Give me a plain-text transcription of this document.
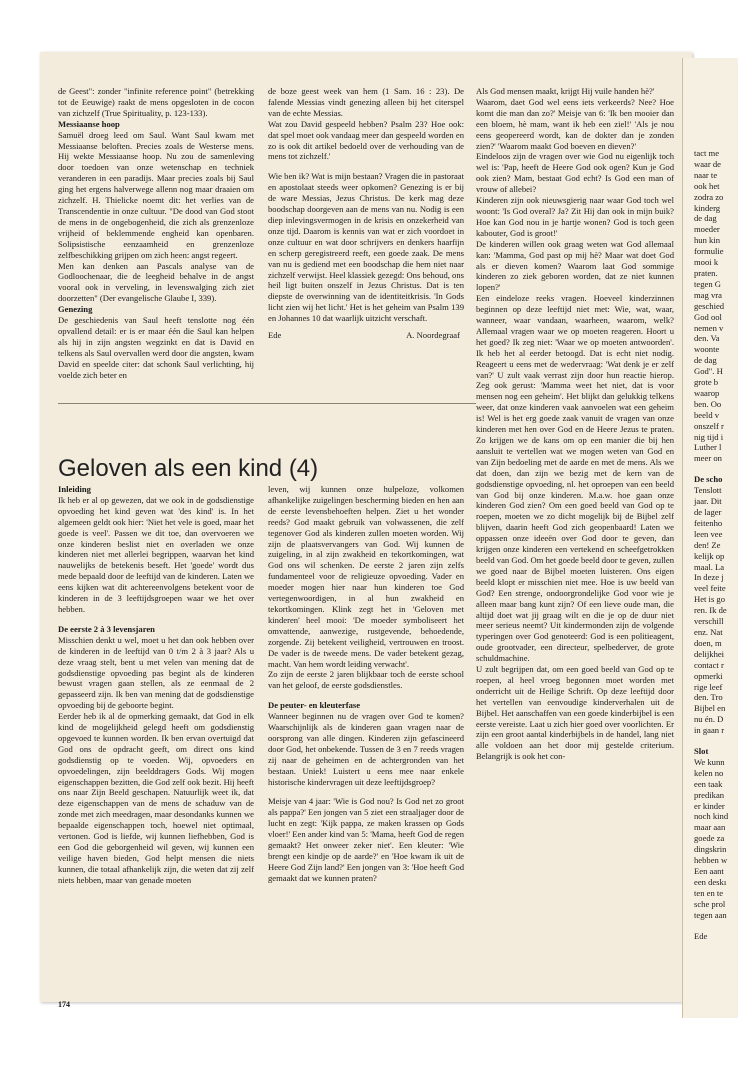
tact me
waar de
naar te
ook het
zodra zo
kinderg
de dag
moeder
hun kin
formulie
mooi k
praten.
tegen G
mag vra
geschied
God ool
nemen v
den. Va
woonte
de dag
God". H
grote b
waarop
ben. Oo
beeld v
onszelf r
nig tijd i
Luther l
meer on
De scho
Tenslott
jaar. Dit
de lager
feitenho
leen vee
den! Ze
kelijk op
maal. La
In deze j
veel feite
Het is go
ren. Ik de
verschill
enz. Nat
doen, m
delijkhei
contact r
opmerki
rige leef
den. Tro
Bijbel en
nu én. D
in gaan r
Slot
We kunn
kelen no
een taak
predikan
er kinder
noch kind
maar aan
goede za
dingskrin
hebben w
Een aant
een deskı
ten en te
sche prol
tegen aan
Ede

de Geest": zonder "infinite reference point" (betrekking tot de Eeuwige) raakt de mens opgesloten in de cocon van zichzelf (True Spirituality, p. 123-133).

Messiaanse hoop

Samuël droeg leed om Saul. Want Saul kwam met Messiaanse beloften. Precies zoals de Westerse mens. Hij wekte Messiaanse hoop. Nu zou de samenleving door toedoen van onze wetenschap en techniek veranderen in een paradijs. Maar precies zoals bij Saul ging het ergens halverwege allenn nog maar draaien om zichzelf. H. Thielicke noemt dit: het verlies van de Transcendentie in onze cultuur. "De dood van God stoot de mens in de ongebogenheid, die zich als grenzenloze vrijheid of beklemmende engheid kan openbaren. Solipsistische eenzaamheid en grenzenloze zelfbeschikking grijpen om zich heen: angst regeert.

Men kan denken aan Pascals analyse van de Godloochenaar, die de leegheid behalve in de angst vooral ook in verveling, in levenswalging zich ziet doorzetten" (Der evangelische Glaube I, 339).

Genezing

De geschiedenis van Saul heeft tenslotte nog één opvallend detail: er is er maar één die Saul kan helpen als hij in zijn angsten wegzinkt en dat is David en telkens als Saul overvallen werd door die angsten, kwam David en speelde citer: dat schonk Saul verlichting, hij voelde zich beter en

de boze geest week van hem (1 Sam. 16 : 23). De falende Messias vindt genezing alleen bij het citerspel van de echte Messias.

Wat zou David gespeeld hebben? Psalm 23? Hoe ook: dat spel moet ook vandaag meer dan gespeeld worden en zo is ook dit artikel bedoeld over de verhouding van de mens tot zichzelf.'

Wie ben ik? Wat is mijn bestaan? Vragen die in pastoraat en apostolaat steeds weer opkomen? Genezing is er bij de ware Messias, Jezus Christus. De kerk mag deze boodschap doorgeven aan de mens van nu. Nodig is een diep inlevingsvermogen in de krisis en onzekerheid van onze tijd. Daarom is kennis van wat er zich voordoet in onze cultuur en wat door schrijvers en denkers haarfijn en scherp geregistreerd reeft, een goede zaak. De mens van nu is gediend met een boodschap die hem niet naar zichzelf verwijst. Heel klassiek gezegd: Ons behoud, ons heil ligt buiten onszelf in Jezus Christus. Dat is ten diepste de overwinning van de identiteitkrisis. 'In Gods licht zien wij het licht.' Het is het geheim van Psalm 139 en Johannes 10 dat waarlijk uitzicht verschaft.

Ede	A. Noordegraaf
Geloven als een kind (4)
Inleiding

Ik heb er al op gewezen, dat we ook in de godsdienstige opvoeding het kind geven wat 'des kind' is. In het algemeen geldt ook hier: 'Niet het vele is goed, maar het goede is veel'. Passen we dit toe, dan overvoeren we onze kinderen beslist niet en overladen we onze kinderen niet met allerlei begrippen, waarvan het kind nauwelijks de betekenis beseft. Het 'goede' wordt dus mede bepaald door de leeftijd van de kinderen. Laten we eens kijken wat dit achtereenvolgens betekent voor de kinderen in de 3 leeftijdsgroepen waar we het over hebben.

De eerste 2 à 3 levensjaren

Misschien denkt u wel, moet u het dan ook hebben over de kinderen in de leeftijd van 0 t/m 2 à 3 jaar? Als u deze vraag stelt, bent u met velen van mening dat de godsdienstige opvoeding pas begint als de kinderen bewust vragen gaan stellen, als ze eenmaal de 2 gepasseerd zijn. Ik ben van mening dat de godsdienstige opvoeding bij de geboorte begint.

Eerder heb ik al de opmerking gemaakt, dat God in elk kind de mogelijkheid gelegd heeft om godsdienstig opgevoed te kunnen worden. Ik ben ervan overtuigd dat God ons de opdracht geeft, om direct ons kind godsdienstig op te voeden. Wij, opvoeders en opvoedelingen, zijn beelddragers Gods. Wij mogen eigenschappen bezitten, die God zelf ook bezit. Hij heeft ons naar Zijn Beeld geschapen. Natuurlijk weet ik, dat deze eigenschappen van de mens de schaduw van de zonde met zich meedragen, maar desondanks kunnen we bepaalde eigenschappen toch, hoewel niet optimaal, vertonen. God is liefde, wij kunnen liefhebben, God is een God die geborgenheid wil geven, wij kunnen een veilige haven bieden, God helpt mensen die niets kunnen, die totaal afhankelijk zijn, die weten dat zij zelf niets hebben, maar van genade moeten

leven, wij kunnen onze hulpeloze, volkomen afhankelijke zuigelingen bescherming bieden en hen aan de eerste levensbehoeften helpen. Ziet u het wonder reeds? God maakt gebruik van volwassenen, die zelf tegenover God als kinderen zullen moeten worden. Wij zijn de plaatsvervangers van God. Wij kunnen de zuigeling, in al zijn zwakheid en tekortkomingen, wat God ons wil schenken. De eerste 2 jaren zijn zelfs fundamenteel voor de religieuze opvoeding. Vader en moeder mogen hier naar hun kinderen toe God vertegenwoordigen, in al hun zwakheid en tekortkomingen. Klink zegt het in 'Geloven met kinderen' heel mooi: 'De moeder symboliseert het omvattende, aanwezige, rustgevende, behoedende, zorgende. Zij betekent veiligheid, vertrouwen en troost. De vader is de tweede mens. De vader betekent gezag, macht. Van hem wordt leiding verwacht'.

Zo zijn de eerste 2 jaren blijkbaar toch de eerste school van het geloof, de eerste godsdienstles.

De peuter- en kleuterfase

Wanneer beginnen nu de vragen over God te komen? Waarschijnlijk als de kinderen gaan vragen naar de oorsprong van alle dingen. Kinderen zijn gefascineerd door God, het onbekende. Tussen de 3 en 7 reeds vragen zij naar de geheimen en de achtergronden van het bestaan. Uniek! Luistert u eens mee naar enkele historische kindervragen uit deze leeftijdsgroep?

Meisje van 4 jaar: 'Wie is God nou? Is God net zo groot als pappa?' Een jongen van 5 ziet een straaljager door de lucht en zegt: 'Kijk pappa, ze maken krassen op Gods vloer!' Een ander kind van 5: 'Mama, heeft God de regen gemaakt? Het onweer zeker niet'. Een kleuter: 'Wie brengt een kindje op de aarde?' en 'Hoe kwam ik uit de Heere God Zijn land?' Een jongen van 3: 'Hoe heeft God gemaakt dat we kunnen praten?

Als God mensen maakt, krijgt Hij vuile handen hè?'

Waarom, daet God wel eens iets verkeerds? Nee? Hoe komt die man dan zo?' Meisje van 6: 'Ik ben mooier dan een bloem, hè mam, want ik heb een ziel!' 'Als je nou eens geopereerd wordt, kan de dokter dan je zonden zien?' 'Waarom maakt God boeven en dieven?'

Eindeloos zijn de vragen over wie God nu eigenlijk toch wel is: 'Pap, heeft de Heere God ook ogen? Kun je God ook zien? Mam, bestaat God echt? Is God een man of vrouw of allebei?

Kinderen zijn ook nieuwsgierig naar waar God toch wel woont: 'Is God overal? Ja? Zit Hij dan ook in mijn buik? Hoe kan God nou in je hartje wonen? God is toch geen kabouter, God is groot!'

De kinderen willen ook graag weten wat God allemaal kan: 'Mamma, God past op mij hè? Maar wat doet God als er dieven komen? Waarom laat God sommige kinderen zo ziek geboren worden, dat ze niet kunnen lopen?'

Een eindeloze reeks vragen. Hoeveel kinderzinnen beginnen op deze leeftijd niet met: Wie, wat, waar, wanneer, waar vandaan, waarheen, waarom, welk? Allemaal vragen waar we op moeten reageren. Hoort u het goed? Ik zeg niet: 'Waar we op moeten antwoorden'. Ik heb het al eerder betoogd. Dat is echt niet nodig. Reageert u eens met de wedervraag: 'Wat denk je er zelf van?' U zult vaak verrast zijn door hun reactie hierop. Zeg ook gerust: 'Mamma weet het niet, dat is voor mensen nog een geheim'. Het blijkt dan gelukkig telkens weer, dat onze kinderen vaak aanvoelen wat een geheim is! Wel is het erg goede zaak vanuit de vragen van onze kinderen met hen over God en de Heere Jezus te praten. Zo krijgen we de kans om op een manier die bij hen aansluit te vertellen wat we mogen weten van God en van Zijn bedoeling met de aarde en met de mens. Als we dat doen, dan zijn we bezig met de kern van de godsdienstige opvoeding, nl. het oproepen van een beeld van God bij onze kinderen. M.a.w. hoe gaan onze kinderen God zien? Om een goed beeld van God op te roepen, moeten we zo dicht mogelijk bij de Bijbel zelf blijven, daarin heeft God zich geopenbaard! Laten we oppassen onze ideeën over God door te geven, dan krijgen onze kinderen een vertekend en scheefgetrokken beeld van God. Om het goede beeld door te geven, zullen we goed naar de Bijbel moeten luisteren. Ons eigen beeld klopt er misschien niet mee. Hoe is uw beeld van God? Een strenge, ondoorgrondelijke God voor wie je alleen maar bang kunt zijn? Of een lieve oude man, die altijd doet wat jij graag wilt en die je op de duur niet meer serieus neemt? Uit kindermonden zijn de volgende typeringen over God genoteerd: God is een politieagent, oude grootvader, een directeur, spelbederver, de grote schuldmachine.

U zult begrijpen dat, om een goed beeld van God op te roepen, al heel vroeg begonnen moet worden met onderricht uit de Heilige Schrift. Op deze leeftijd door het vertellen van eenvoudige kinderverhalen uit de Bijbel. Het aanschaffen van een goede kinderbijbel is een eerste vereiste. Laat u zich hier goed over voorlichten. Er zijn een groot aantal kinderbijbels in de handel, lang niet alle voldoen aan het door mij gestelde criterium. Belangrijk is ook het con-

174
